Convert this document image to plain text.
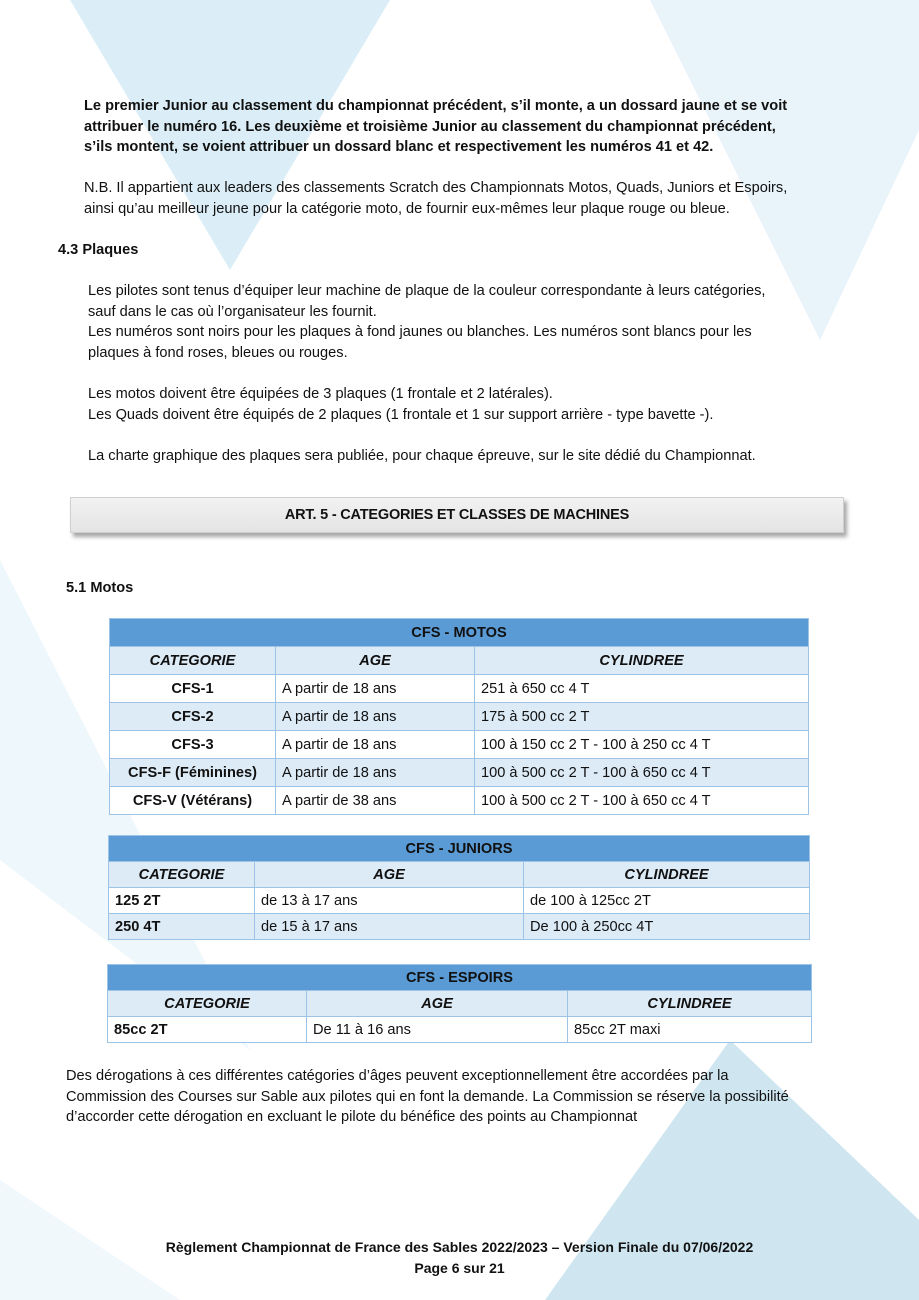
Le premier Junior au classement du championnat précédent, s’il monte, a un dossard jaune et se voit

attribuer le numéro 16. Les deuxième et troisième Junior au classement du championnat précédent,

s’ils montent, se voient attribuer un dossard blanc et respectivement les numéros 41 et 42.

N.B. Il appartient aux leaders des classements Scratch des Championnats Motos, Quads, Juniors et Espoirs,

ainsi qu’au meilleur jeune pour la catégorie moto, de fournir eux-mêmes leur plaque rouge ou bleue.

4.3 Plaques

Les pilotes sont tenus d’équiper leur machine de plaque de la couleur correspondante à leurs catégories,

sauf dans le cas où l’organisateur les fournit.

Les numéros sont noirs pour les plaques à fond jaunes ou blanches. Les numéros sont blancs pour les

plaques à fond roses, bleues ou rouges.

Les motos doivent être équipées de 3 plaques (1 frontale et 2 latérales).

Les Quads doivent être équipés de 2 plaques (1 frontale et 1 sur support arrière - type bavette -).

La charte graphique des plaques sera publiée, pour chaque épreuve, sur le site dédié du Championnat.

ART. 5 - CATEGORIES ET CLASSES DE MACHINES

5.1 Motos

CFS - MOTOS		
CATEGORIE	AGE	CYLINDREE
CFS-1	A partir de 18 ans	251 à 650 cc 4 T
CFS-2	A partir de 18 ans	175 à 500 cc 2 T
CFS-3	A partir de 18 ans	100 à 150 cc 2 T - 100 à 250 cc 4 T
CFS-F (Féminines)	A partir de 18 ans	100 à 500 cc 2 T - 100 à 650 cc 4 T
CFS-V (Vétérans)	A partir de 38 ans	100 à 500 cc 2 T - 100 à 650 cc 4 T
CFS - JUNIORS		
CATEGORIE	AGE	CYLINDREE
125 2T	de 13 à 17 ans	de 100 à 125cc 2T
250 4T	de 15 à 17 ans	De 100 à 250cc 4T
CFS - ESPOIRS		
CATEGORIE	AGE	CYLINDREE
85cc 2T	De 11 à 16 ans	85cc 2T maxi

Des dérogations à ces différentes catégories d’âges peuvent exceptionnellement être accordées par la

Commission des Courses sur Sable aux pilotes qui en font la demande. La Commission se réserve la possibilité

d’accorder cette dérogation en excluant le pilote du bénéfice des points au Championnat

Règlement Championnat de France des Sables 2022/2023 – Version Finale du 07/06/2022
Page 6 sur 21
